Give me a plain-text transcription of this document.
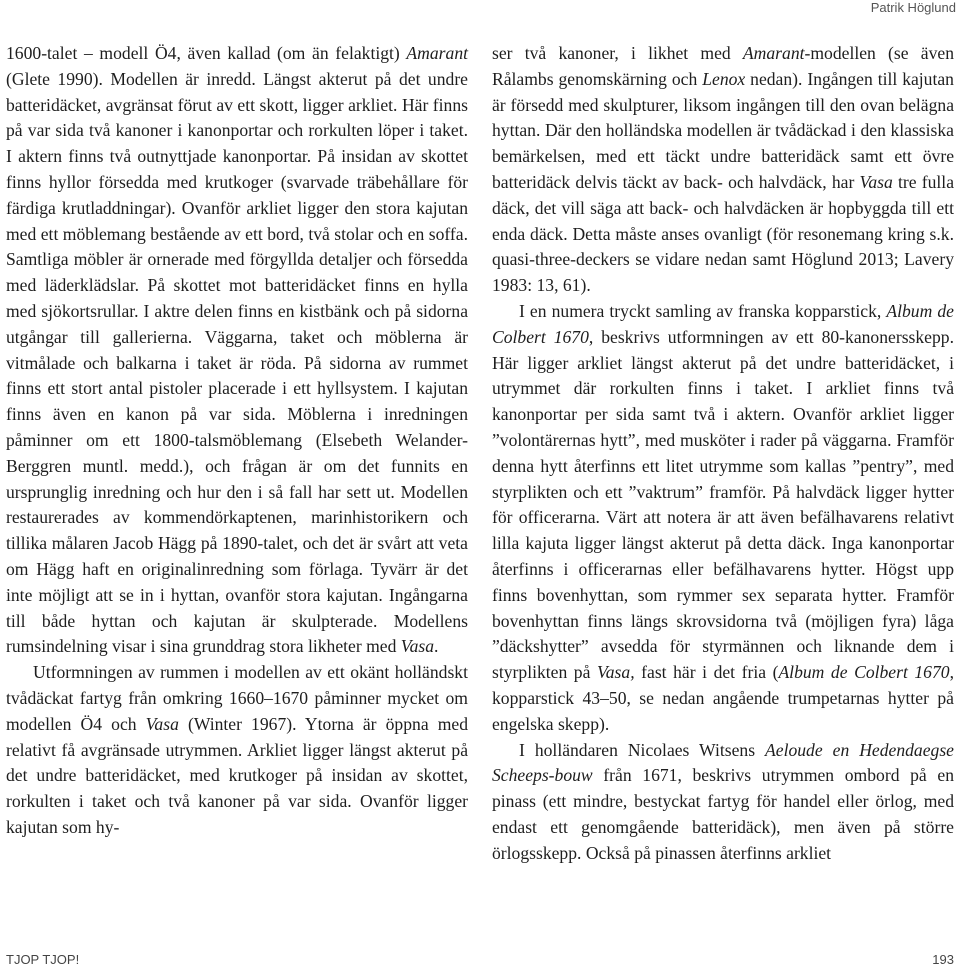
Patrik Höglund

1600-talet – modell Ö4, även kallad (om än felaktigt) Amarant (Glete 1990). Modellen är inredd. Längst akterut på det undre batteridäcket, avgränsat förut av ett skott, ligger arkliet. Här finns på var sida två kanoner i kanonportar och rorkulten löper i taket. I aktern finns två outnyttjade kanonportar. På insidan av skottet finns hyllor försedda med krutkoger (svarvade träbehållare för färdiga krutladdningar). Ovanför arkliet ligger den stora kajutan med ett möblemang bestående av ett bord, två stolar och en soffa. Samtliga möbler är ornerade med förgyllda detaljer och försedda med läderklädslar. På skottet mot batteridäcket finns en hylla med sjökortsrullar. I aktre delen finns en kistbänk och på sidorna utgångar till gallerierna. Väggarna, taket och möblerna är vitmålade och balkarna i taket är röda. På sidorna av rummet finns ett stort antal pistoler placerade i ett hyllsystem. I kajutan finns även en kanon på var sida. Möblerna i inredningen påminner om ett 1800-talsmöblemang (Elsebeth Welander-Berggren muntl. medd.), och frågan är om det funnits en ursprunglig inredning och hur den i så fall har sett ut. Modellen restaurerades av kommendörkaptenen, marinhistorikern och tillika målaren Jacob Hägg på 1890-talet, och det är svårt att veta om Hägg haft en originalinredning som förlaga. Tyvärr är det inte möjligt att se in i hyttan, ovanför stora kajutan. Ingångarna till både hyttan och kajutan är skulpterade. Modellens rumsindelning visar i sina grunddrag stora likheter med Vasa.

Utformningen av rummen i modellen av ett okänt holländskt tvådäckat fartyg från omkring 1660–1670 påminner mycket om modellen Ö4 och Vasa (Winter 1967). Ytorna är öppna med relativt få avgränsade utrymmen. Arkliet ligger längst akterut på det undre batteridäcket, med krutkoger på insidan av skottet, rorkulten i taket och två kanoner på var sida. Ovanför ligger kajutan som hy-

ser två kanoner, i likhet med Amarant-modellen (se även Rålambs genomskärning och Lenox nedan). Ingången till kajutan är försedd med skulpturer, liksom ingången till den ovan belägna hyttan. Där den holländska modellen är tvådäckad i den klassiska bemärkelsen, med ett täckt undre batteridäck samt ett övre batteridäck delvis täckt av back- och halvdäck, har Vasa tre fulla däck, det vill säga att back- och halvdäcken är hopbyggda till ett enda däck. Detta måste anses ovanligt (för resonemang kring s.k. quasi-three-deckers se vidare nedan samt Höglund 2013; Lavery 1983: 13, 61).

I en numera tryckt samling av franska kopparstick, Album de Colbert 1670, beskrivs utformningen av ett 80-kanonersskepp. Här ligger arkliet längst akterut på det undre batteridäcket, i utrymmet där rorkulten finns i taket. I arkliet finns två kanonportar per sida samt två i aktern. Ovanför arkliet ligger ”volontärernas hytt”, med musköter i rader på väggarna. Framför denna hytt återfinns ett litet utrymme som kallas ”pentry”, med styrplikten och ett ”vaktrum” framför. På halvdäck ligger hytter för officerarna. Värt att notera är att även befälhavarens relativt lilla kajuta ligger längst akterut på detta däck. Inga kanonportar återfinns i officerarnas eller befälhavarens hytter. Högst upp finns bovenhyttan, som rymmer sex separata hytter. Framför bovenhyttan finns längs skrovsidorna två (möjligen fyra) låga ”däckshytter” avsedda för styrmännen och liknande dem i styrplikten på Vasa, fast här i det fria (Album de Colbert 1670, kopparstick 43–50, se nedan angående trumpetarnas hytter på engelska skepp).

I holländaren Nicolaes Witsens Aeloude en Hedendaegse Scheeps-bouw från 1671, beskrivs utrymmen ombord på en pinass (ett mindre, bestyckat fartyg för handel eller örlog, med endast ett genomgående batteridäck), men även på större örlogsskepp. Också på pinassen återfinns arkliet

TJOP TJOP!	193
